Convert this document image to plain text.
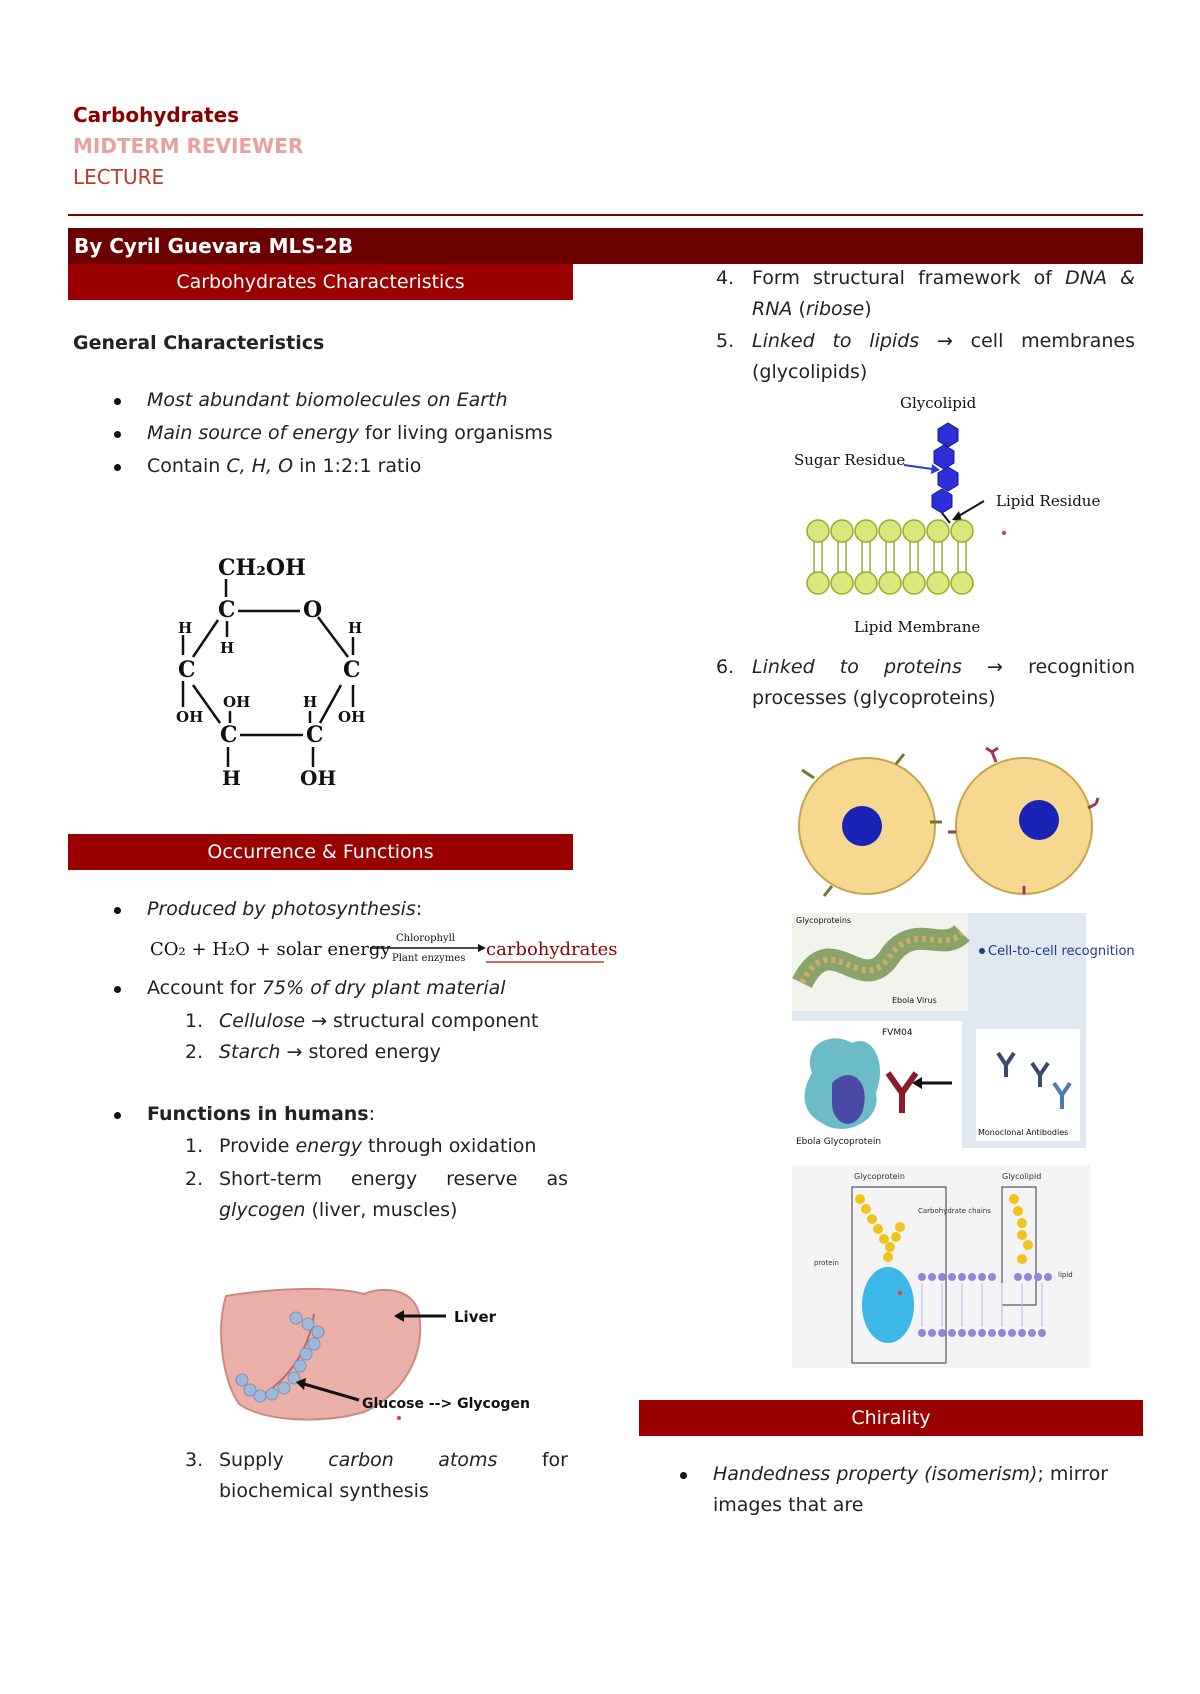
Carbohydrates
MIDTERM REVIEWER
LECTURE
By Cyril Guevara MLS-2B
Carbohydrates Characteristics
General Characteristics
Most abundant biomolecules on Earth
Main source of energy for living organisms
Contain C, H, O in 1:2:1 ratio
CH₂OH
C	O
H
H
H
C	C
OH
OH	H
OH
C	C
H	OH
Occurrence & Functions
Produced by photosynthesis:
CO₂ + H₂O + solar energy
Chlorophyll
Plant enzymes carbohydrates
Account for 75% of dry plant material
1. Cellulose → structural component
2. Starch → stored energy
Functions in humans:
1. Provide energy through oxidation
2. Short-term energy reserve as glycogen (liver, muscles)
Liver
Glucose --> Glycogen
3. Supply carbon atoms for biochemical synthesis
4. Form structural framework of DNA & RNA (ribose)
5. Linked to lipids → cell membranes (glycolipids)
Glycolipid
Sugar Residue
Lipid Residue
Lipid Membrane
6. Linked to proteins → recognition processes (glycoproteins)
Glycoproteins
Ebola Virus
Cell-to-cell recognition
FVM04
Ebola Glycoprotein
Monoclonal Antibodies
Glycoprotein	Glycolipid
Carbohydrate chains
protein
lipid
Chirality
Handedness property (isomerism); mirror images that are
